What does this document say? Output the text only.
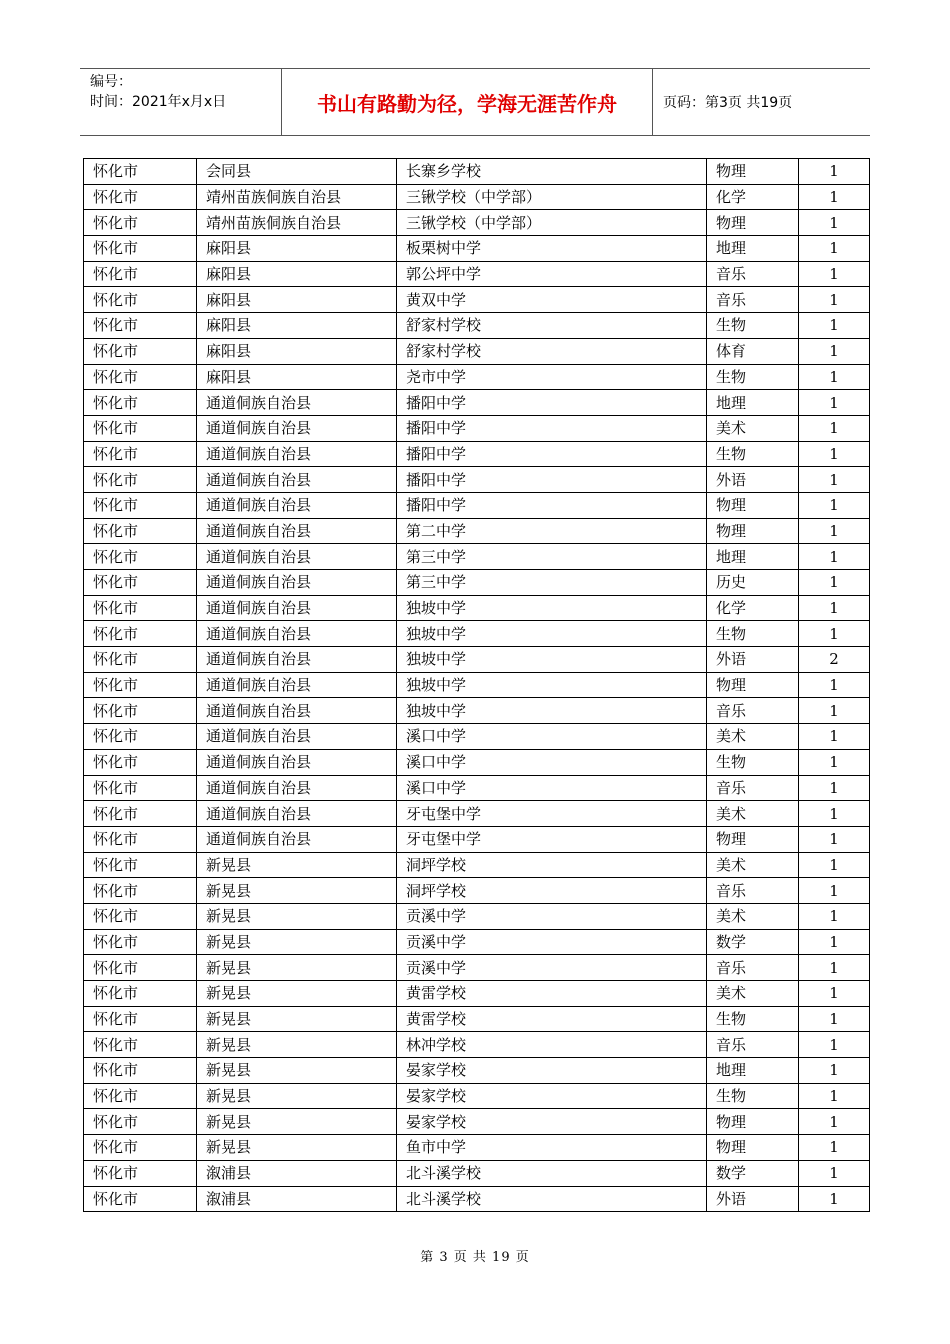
编号：
时间：2021年x月x日	书山有路勤为径，学海无涯苦作舟	页码：第3页 共19页
怀化市	会同县	长寨乡学校	物理	1
怀化市	靖州苗族侗族自治县	三锹学校（中学部）	化学	1
怀化市	靖州苗族侗族自治县	三锹学校（中学部）	物理	1
怀化市	麻阳县	板栗树中学	地理	1
怀化市	麻阳县	郭公坪中学	音乐	1
怀化市	麻阳县	黄双中学	音乐	1
怀化市	麻阳县	舒家村学校	生物	1
怀化市	麻阳县	舒家村学校	体育	1
怀化市	麻阳县	尧市中学	生物	1
怀化市	通道侗族自治县	播阳中学	地理	1
怀化市	通道侗族自治县	播阳中学	美术	1
怀化市	通道侗族自治县	播阳中学	生物	1
怀化市	通道侗族自治县	播阳中学	外语	1
怀化市	通道侗族自治县	播阳中学	物理	1
怀化市	通道侗族自治县	第二中学	物理	1
怀化市	通道侗族自治县	第三中学	地理	1
怀化市	通道侗族自治县	第三中学	历史	1
怀化市	通道侗族自治县	独坡中学	化学	1
怀化市	通道侗族自治县	独坡中学	生物	1
怀化市	通道侗族自治县	独坡中学	外语	2
怀化市	通道侗族自治县	独坡中学	物理	1
怀化市	通道侗族自治县	独坡中学	音乐	1
怀化市	通道侗族自治县	溪口中学	美术	1
怀化市	通道侗族自治县	溪口中学	生物	1
怀化市	通道侗族自治县	溪口中学	音乐	1
怀化市	通道侗族自治县	牙屯堡中学	美术	1
怀化市	通道侗族自治县	牙屯堡中学	物理	1
怀化市	新晃县	洞坪学校	美术	1
怀化市	新晃县	洞坪学校	音乐	1
怀化市	新晃县	贡溪中学	美术	1
怀化市	新晃县	贡溪中学	数学	1
怀化市	新晃县	贡溪中学	音乐	1
怀化市	新晃县	黄雷学校	美术	1
怀化市	新晃县	黄雷学校	生物	1
怀化市	新晃县	林冲学校	音乐	1
怀化市	新晃县	晏家学校	地理	1
怀化市	新晃县	晏家学校	生物	1
怀化市	新晃县	晏家学校	物理	1
怀化市	新晃县	鱼市中学	物理	1
怀化市	溆浦县	北斗溪学校	数学	1
怀化市	溆浦县	北斗溪学校	外语	1
第 3 页 共 19 页
